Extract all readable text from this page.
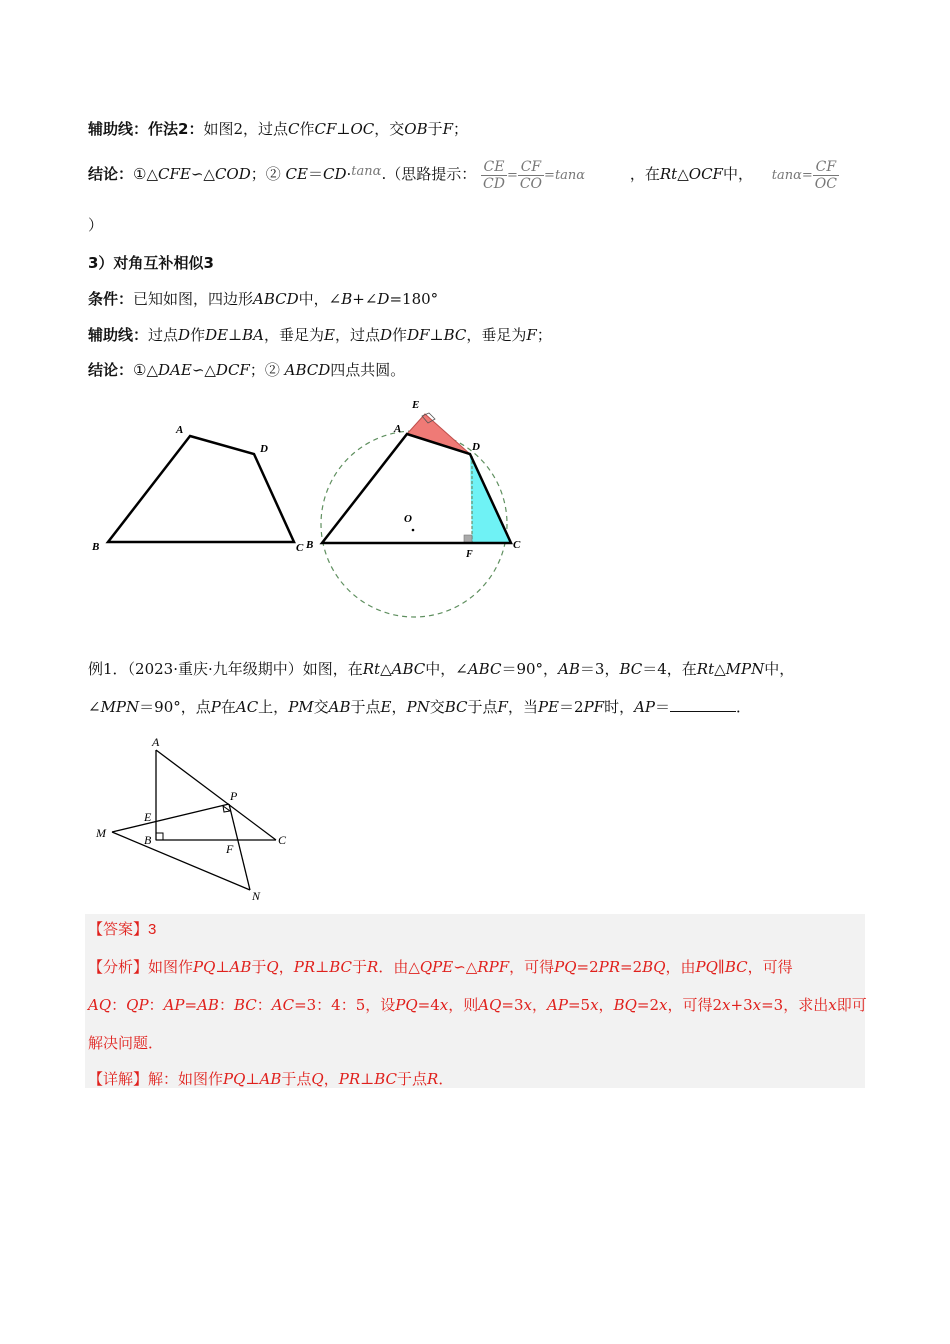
辅助线：作法2：如图2，过点C作CF⊥OC，交OB于F；
结论：①△CFE∽△COD；② CE＝CD·tanα.（思路提示： $\frac{CE}{CD} = \frac{CF}{CO} =\tan\alpha$	，在Rt△OCF中， $\tan\alpha= \frac{CF}{OC}$
）
3）对角互补相似3
条件：已知如图，四边形ABCD中，∠B+∠D=180°
辅助线：过点D作DE⊥BA，垂足为E，过点D作DF⊥BC，垂足为F；
结论：①△DAE∽△DCF；② ABCD四点共圆。
A
D
B	C
E
A
D
B	C
F
O
例1．（2023·重庆·九年级期中）如图，在Rt△ABC中，∠ABC＝90°，AB＝3，BC＝4，在Rt△MPN中，
∠MPN＝90°，点P在AC上，PM交AB于点E，PN交BC于点F，当PE＝2PF时，AP＝	．
A
E
B
M
P
C
F
N
【答案】3
【分析】如图作PQ⊥AB于Q，PR⊥BC于R．由△QPE∽△RPF，可得PQ=2PR=2BQ，由PQ∥BC，可得
AQ：QP：AP=AB：BC：AC=3：4：5，设PQ=4x，则AQ=3x，AP=5x，BQ=2x，可得2x+3x=3，求出x即可
解决问题．
【详解】解：如图作PQ⊥AB于点Q，PR⊥BC于点R．
